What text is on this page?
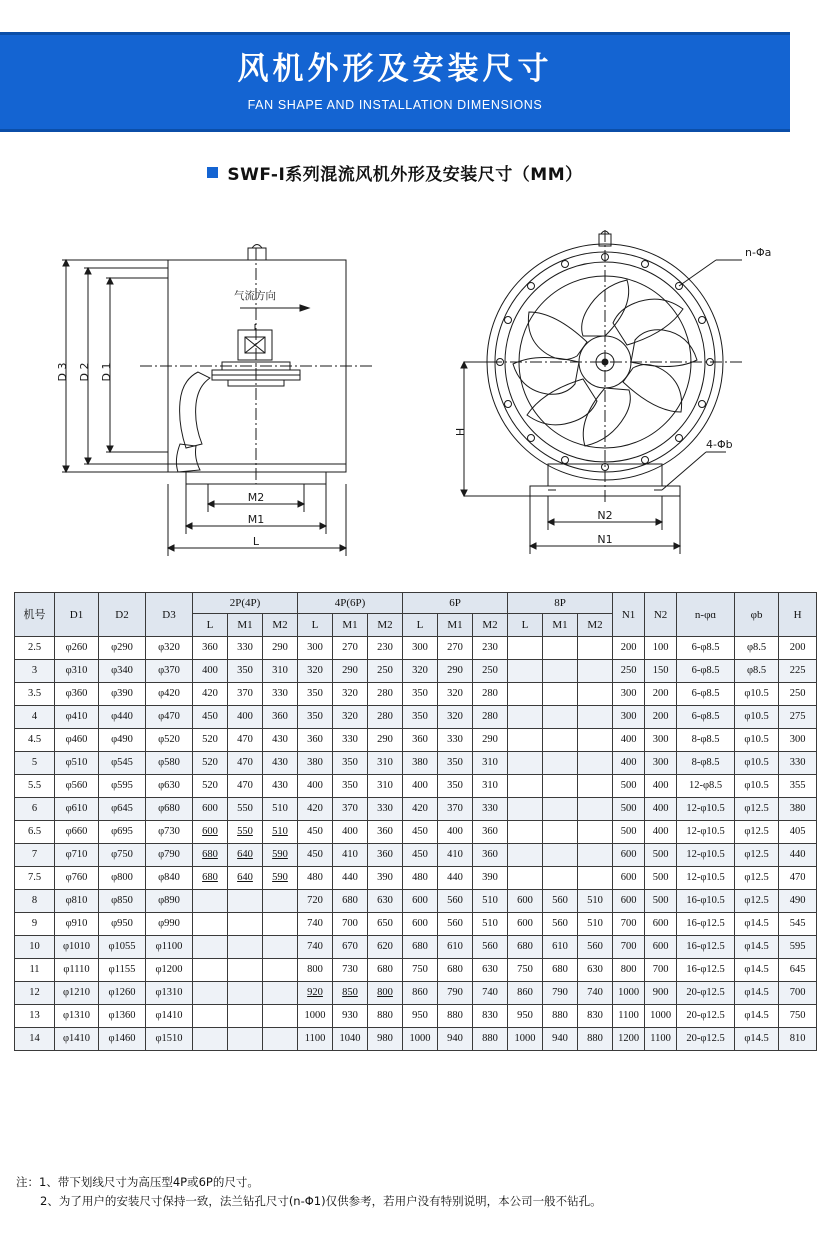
风机外形及安装尺寸
FAN SHAPE AND INSTALLATION DIMENSIONS
SWF-I系列混流风机外形及安装尺寸（MM）
D 3 D 2 D 1
M2
M1
L
气流方向
n-Φa
4-Φb
H
N2
N1
机号	D1	D2	D3	2P(4P)			4P(6P)			6P			8P			N1	N2	n-φɑ	φb	H
				L	M1	M2	L	M1	M2	L	M1	M2	L	M1	M2					
2.5	φ260	φ290	φ320	360	330	290	300	270	230	300	270	230				200	100	6-φ8.5	φ8.5	200
3	φ310	φ340	φ370	400	350	310	320	290	250	320	290	250				250	150	6-φ8.5	φ8.5	225
3.5	φ360	φ390	φ420	420	370	330	350	320	280	350	320	280				300	200	6-φ8.5	φ10.5	250
4	φ410	φ440	φ470	450	400	360	350	320	280	350	320	280				300	200	6-φ8.5	φ10.5	275
4.5	φ460	φ490	φ520	520	470	430	360	330	290	360	330	290				400	300	8-φ8.5	φ10.5	300
5	φ510	φ545	φ580	520	470	430	380	350	310	380	350	310				400	300	8-φ8.5	φ10.5	330
5.5	φ560	φ595	φ630	520	470	430	400	350	310	400	350	310				500	400	12-φ8.5	φ10.5	355
6	φ610	φ645	φ680	600	550	510	420	370	330	420	370	330				500	400	12-φ10.5	φ12.5	380
6.5	φ660	φ695	φ730	600	550	510	450	400	360	450	400	360				500	400	12-φ10.5	φ12.5	405
7	φ710	φ750	φ790	680	640	590	450	410	360	450	410	360				600	500	12-φ10.5	φ12.5	440
7.5	φ760	φ800	φ840	680	640	590	480	440	390	480	440	390				600	500	12-φ10.5	φ12.5	470
8	φ810	φ850	φ890				720	680	630	600	560	510	600	560	510	600	500	16-φ10.5	φ12.5	490
9	φ910	φ950	φ990				740	700	650	600	560	510	600	560	510	700	600	16-φ12.5	φ14.5	545
10	φ1010	φ1055	φ1100				740	670	620	680	610	560	680	610	560	700	600	16-φ12.5	φ14.5	595
11	φ1110	φ1155	φ1200				800	730	680	750	680	630	750	680	630	800	700	16-φ12.5	φ14.5	645
12	φ1210	φ1260	φ1310				920	850	800	860	790	740	860	790	740	1000	900	20-φ12.5	φ14.5	700
13	φ1310	φ1360	φ1410				1000	930	880	950	880	830	950	880	830	1100	1000	20-φ12.5	φ14.5	750
14	φ1410	φ1460	φ1510				1100	1040	980	1000	940	880	1000	940	880	1200	1100	20-φ12.5	φ14.5	810
注：1、带下划线尺寸为高压型4P或6P的尺寸。
2、为了用户的安装尺寸保持一致，法兰钻孔尺寸(n-Φ1)仅供参考，若用户没有特别说明，本公司一般不钻孔。
